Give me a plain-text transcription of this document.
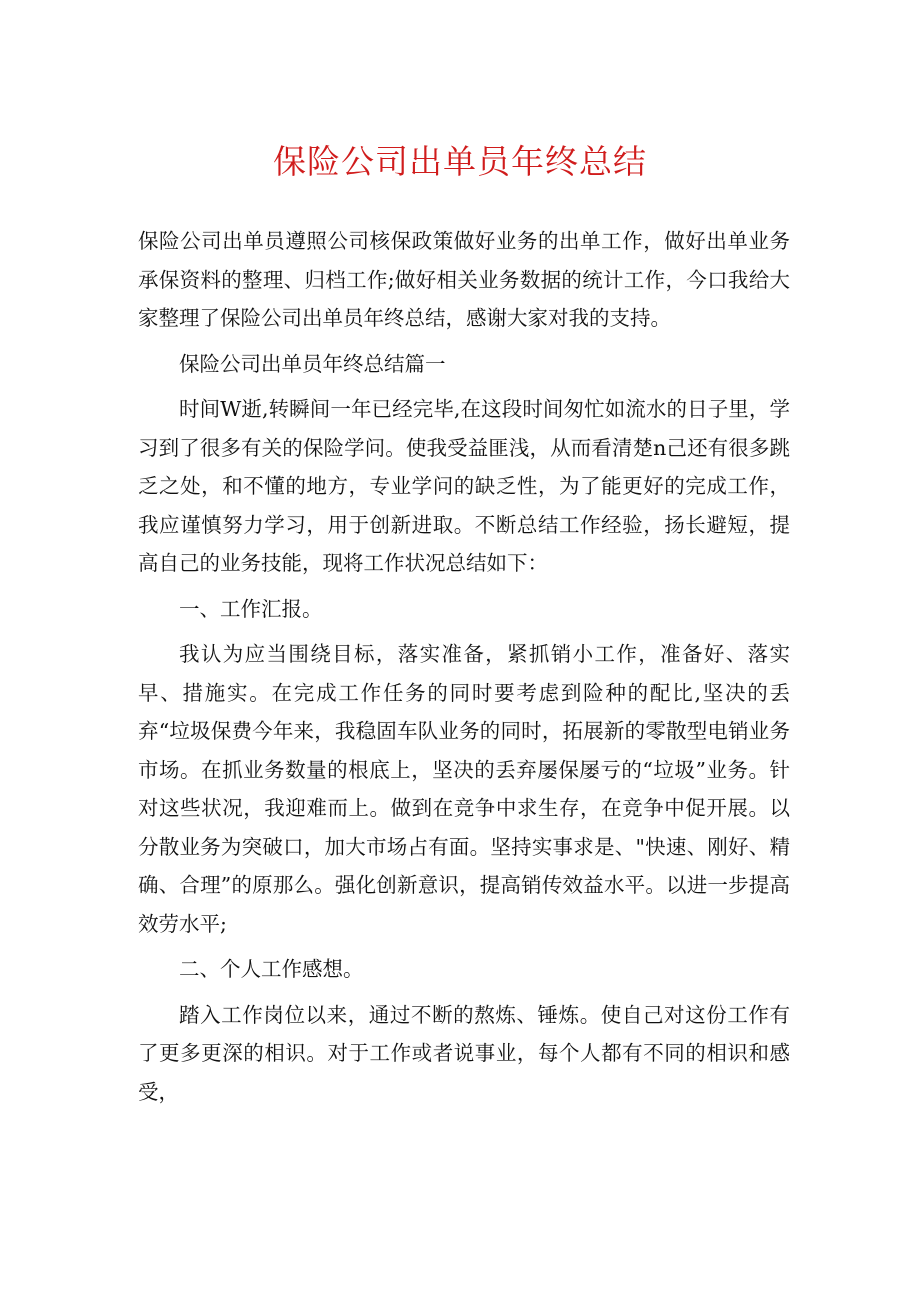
保险公司出单员年终总结

保险公司出单员遵照公司核保政策做好业务的出单工作，做好出单业务承保资料的整理、归档工作;做好相关业务数据的统计工作，今口我给大家整理了保险公司出单员年终总结，感谢大家对我的支持。

保险公司出单员年终总结篇一

时间W逝,转瞬间一年已经完毕,在这段时间匆忙如流水的日子里，学习到了很多有关的保险学问。使我受益匪浅，从而看清楚n己还有很多跳乏之处，和不懂的地方，专业学问的缺乏性，为了能更好的完成工作，我应谨慎努力学习，用于创新进取。不断总结工作经验，扬长避短，提高自己的业务技能，现将工作状况总结如下：

一、工作汇报。

我认为应当围绕目标，落实准备，紧抓销小工作，准备好、落实早、措施实。在完成工作任务的同时要考虑到险种的配比,坚决的丢弃“垃圾保费今年来，我稳固车队业务的同时，拓展新的零散型电销业务市场。在抓业务数量的根底上，坚决的丢弃屡保屡亏的“垃圾”业务。针对这些状况，我迎难而上。做到在竞争中求生存，在竞争中促开展。以分散业务为突破口，加大市场占有面。坚持实事求是、"快速、刚好、精确、合理”的原那么。强化创新意识，提高销传效益水平。以进一步提高效劳水平;

二、个人工作感想。

踏入工作岗位以来，通过不断的熬炼、锤炼。使自己对这份工作有了更多更深的相识。对于工作或者说事业，每个人都有不同的相识和感受，
